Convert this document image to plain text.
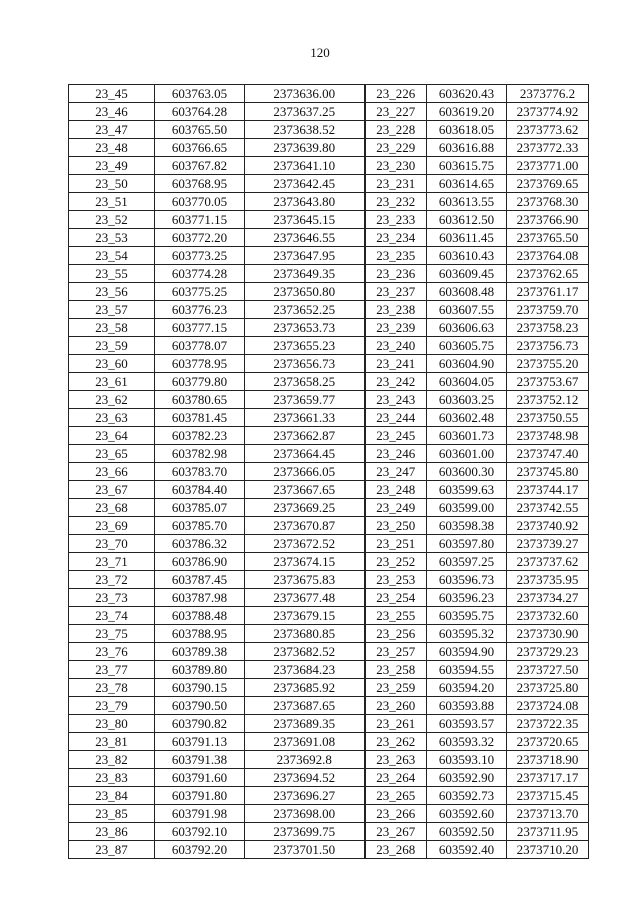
120
23_45	603763.05	2373636.00	23_226	603620.43	2373776.2
23_46	603764.28	2373637.25	23_227	603619.20	2373774.92
23_47	603765.50	2373638.52	23_228	603618.05	2373773.62
23_48	603766.65	2373639.80	23_229	603616.88	2373772.33
23_49	603767.82	2373641.10	23_230	603615.75	2373771.00
23_50	603768.95	2373642.45	23_231	603614.65	2373769.65
23_51	603770.05	2373643.80	23_232	603613.55	2373768.30
23_52	603771.15	2373645.15	23_233	603612.50	2373766.90
23_53	603772.20	2373646.55	23_234	603611.45	2373765.50
23_54	603773.25	2373647.95	23_235	603610.43	2373764.08
23_55	603774.28	2373649.35	23_236	603609.45	2373762.65
23_56	603775.25	2373650.80	23_237	603608.48	2373761.17
23_57	603776.23	2373652.25	23_238	603607.55	2373759.70
23_58	603777.15	2373653.73	23_239	603606.63	2373758.23
23_59	603778.07	2373655.23	23_240	603605.75	2373756.73
23_60	603778.95	2373656.73	23_241	603604.90	2373755.20
23_61	603779.80	2373658.25	23_242	603604.05	2373753.67
23_62	603780.65	2373659.77	23_243	603603.25	2373752.12
23_63	603781.45	2373661.33	23_244	603602.48	2373750.55
23_64	603782.23	2373662.87	23_245	603601.73	2373748.98
23_65	603782.98	2373664.45	23_246	603601.00	2373747.40
23_66	603783.70	2373666.05	23_247	603600.30	2373745.80
23_67	603784.40	2373667.65	23_248	603599.63	2373744.17
23_68	603785.07	2373669.25	23_249	603599.00	2373742.55
23_69	603785.70	2373670.87	23_250	603598.38	2373740.92
23_70	603786.32	2373672.52	23_251	603597.80	2373739.27
23_71	603786.90	2373674.15	23_252	603597.25	2373737.62
23_72	603787.45	2373675.83	23_253	603596.73	2373735.95
23_73	603787.98	2373677.48	23_254	603596.23	2373734.27
23_74	603788.48	2373679.15	23_255	603595.75	2373732.60
23_75	603788.95	2373680.85	23_256	603595.32	2373730.90
23_76	603789.38	2373682.52	23_257	603594.90	2373729.23
23_77	603789.80	2373684.23	23_258	603594.55	2373727.50
23_78	603790.15	2373685.92	23_259	603594.20	2373725.80
23_79	603790.50	2373687.65	23_260	603593.88	2373724.08
23_80	603790.82	2373689.35	23_261	603593.57	2373722.35
23_81	603791.13	2373691.08	23_262	603593.32	2373720.65
23_82	603791.38	2373692.8	23_263	603593.10	2373718.90
23_83	603791.60	2373694.52	23_264	603592.90	2373717.17
23_84	603791.80	2373696.27	23_265	603592.73	2373715.45
23_85	603791.98	2373698.00	23_266	603592.60	2373713.70
23_86	603792.10	2373699.75	23_267	603592.50	2373711.95
23_87	603792.20	2373701.50	23_268	603592.40	2373710.20
